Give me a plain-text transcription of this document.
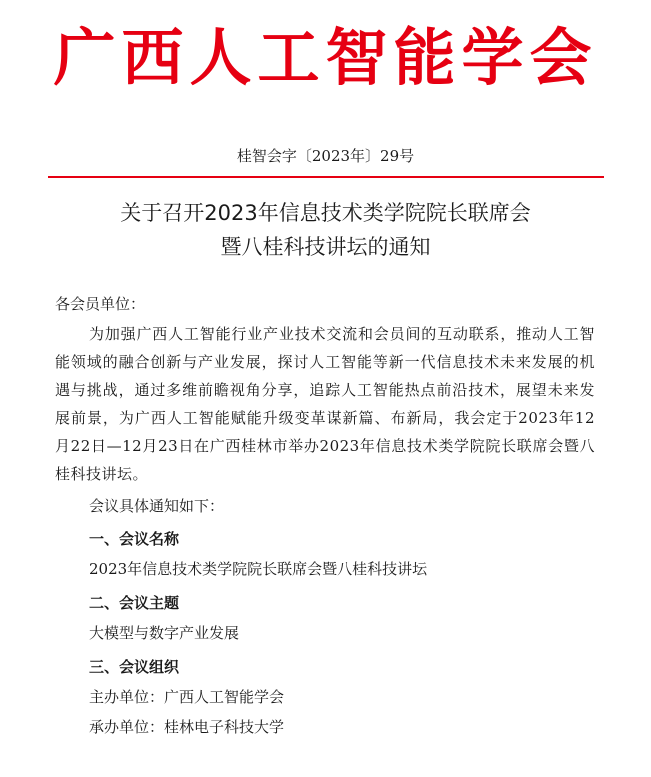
广西人工智能学会
桂智会字〔2023年〕29号
关于召开2023年信息技术类学院院长联席会
暨八桂科技讲坛的通知

各会员单位：

为加强广西人工智能行业产业技术交流和会员间的互动联系，推动人工智能领域的融合创新与产业发展，探讨人工智能等新一代信息技术未来发展的机遇与挑战，通过多维前瞻视角分享，追踪人工智能热点前沿技术，展望未来发展前景，为广西人工智能赋能升级变革谋新篇、布新局，我会定于2023年12月22日—12月23日在广西桂林市举办2023年信息技术类学院院长联席会暨八桂科技讲坛。

会议具体通知如下：

一、会议名称

2023年信息技术类学院院长联席会暨八桂科技讲坛

二、会议主题

大模型与数字产业发展

三、会议组织

主办单位：广西人工智能学会

承办单位：桂林电子科技大学
